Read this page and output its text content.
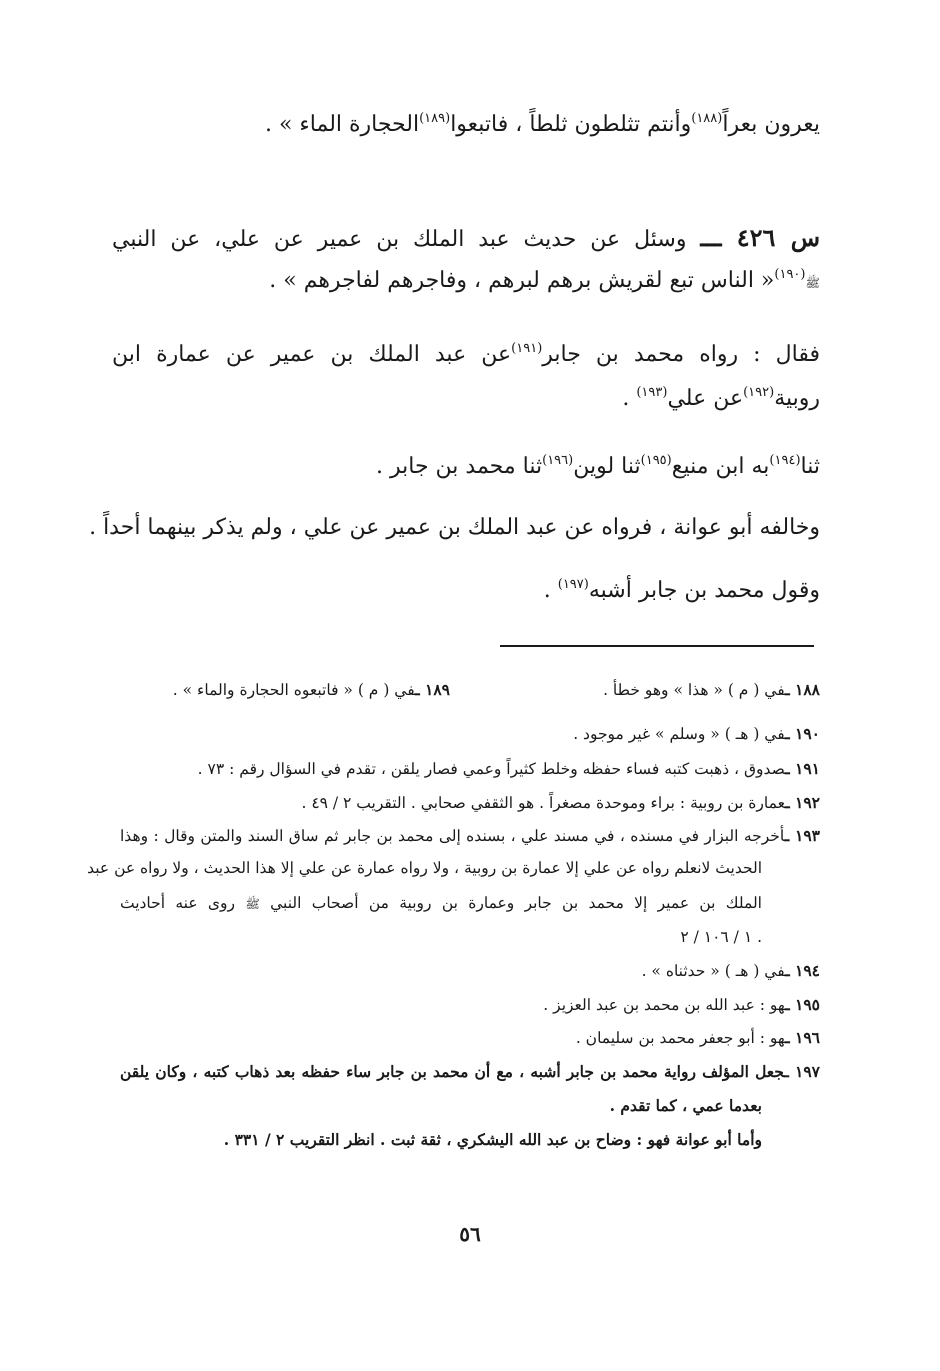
يعرون بعراً$^{(١٨٨)}$وأنتم تثلطون ثلطاً ، فاتبعوا$^{(١٨٩)}$الحجارة الماء » .
س ٤٢٦ ـــ وسئل عن حديث عبد الملك بن عمير عن علي، عن النبي
ﷺ$^{(١٩٠)}$« الناس تبع لقريش برهم لبرهم ، وفاجرهم لفاجرهم » .
فقال : رواه محمد بن جابر$^{(١٩١)}$عن عبد الملك بن عمير عن عمارة ابن
روبية$^{(١٩٢)}$عن علي$^{(١٩٣)}$ .
ثنا$^{(١٩٤)}$به ابن منيع$^{(١٩٥)}$ثنا لوين$^{(١٩٦)}$ثنا محمد بن جابر .
وخالفه أبو عوانة ، فرواه عن عبد الملك بن عمير عن علي ، ولم يذكر بينهما أحداً .
وقول محمد بن جابر أشبه$^{(١٩٧)}$ .
١٨٨ ـفي ( م ) « هذا » وهو خطأ .
١٨٩ ـفي ( م ) « فاتبعوه الحجارة والماء » .
١٩٠ ـفي ( هـ ) « وسلم » غير موجود .
١٩١ ـصدوق ، ذهبت كتبه فساء حفظه وخلط كثيراً وعمي فصار يلقن ، تقدم في السؤال رقم : ٧٣ .
١٩٢ ـعمارة بن روبية : براء وموحدة مصغراً . هو الثقفي صحابي . التقريب ٢ / ٤٩ .
١٩٣ ـأخرجه البزار في مسنده ، في مسند علي ، بسنده إلى محمد بن جابر ثم ساق السند والمتن وقال : وهذا
الحديث لانعلم رواه عن علي إلا عمارة بن روبية ، ولا رواه عمارة عن علي إلا هذا الحديث ، ولا رواه عن عبد
الملك بن عمير إلا محمد بن جابر وعمارة بن روبية من أصحاب النبي ﷺ روى عنه أحاديث
١ / ١٠٦ / ٢ .
١٩٤ ـفي ( هـ ) « حدثناه » .
١٩٥ ـهو : عبد الله بن محمد بن عبد العزيز .
١٩٦ ـهو : أبو جعفر محمد بن سليمان .
١٩٧ ـجعل المؤلف رواية محمد بن جابر أشبه ، مع أن محمد بن جابر ساء حفظه بعد ذهاب كتبه ، وكان يلقن
بعدما عمي ، كما تقدم .
وأما أبو عوانة فهو : وضاح بن عبد الله اليشكري ، ثقة ثبت . انظر التقريب ٢ / ٣٣١ .
٥٦
